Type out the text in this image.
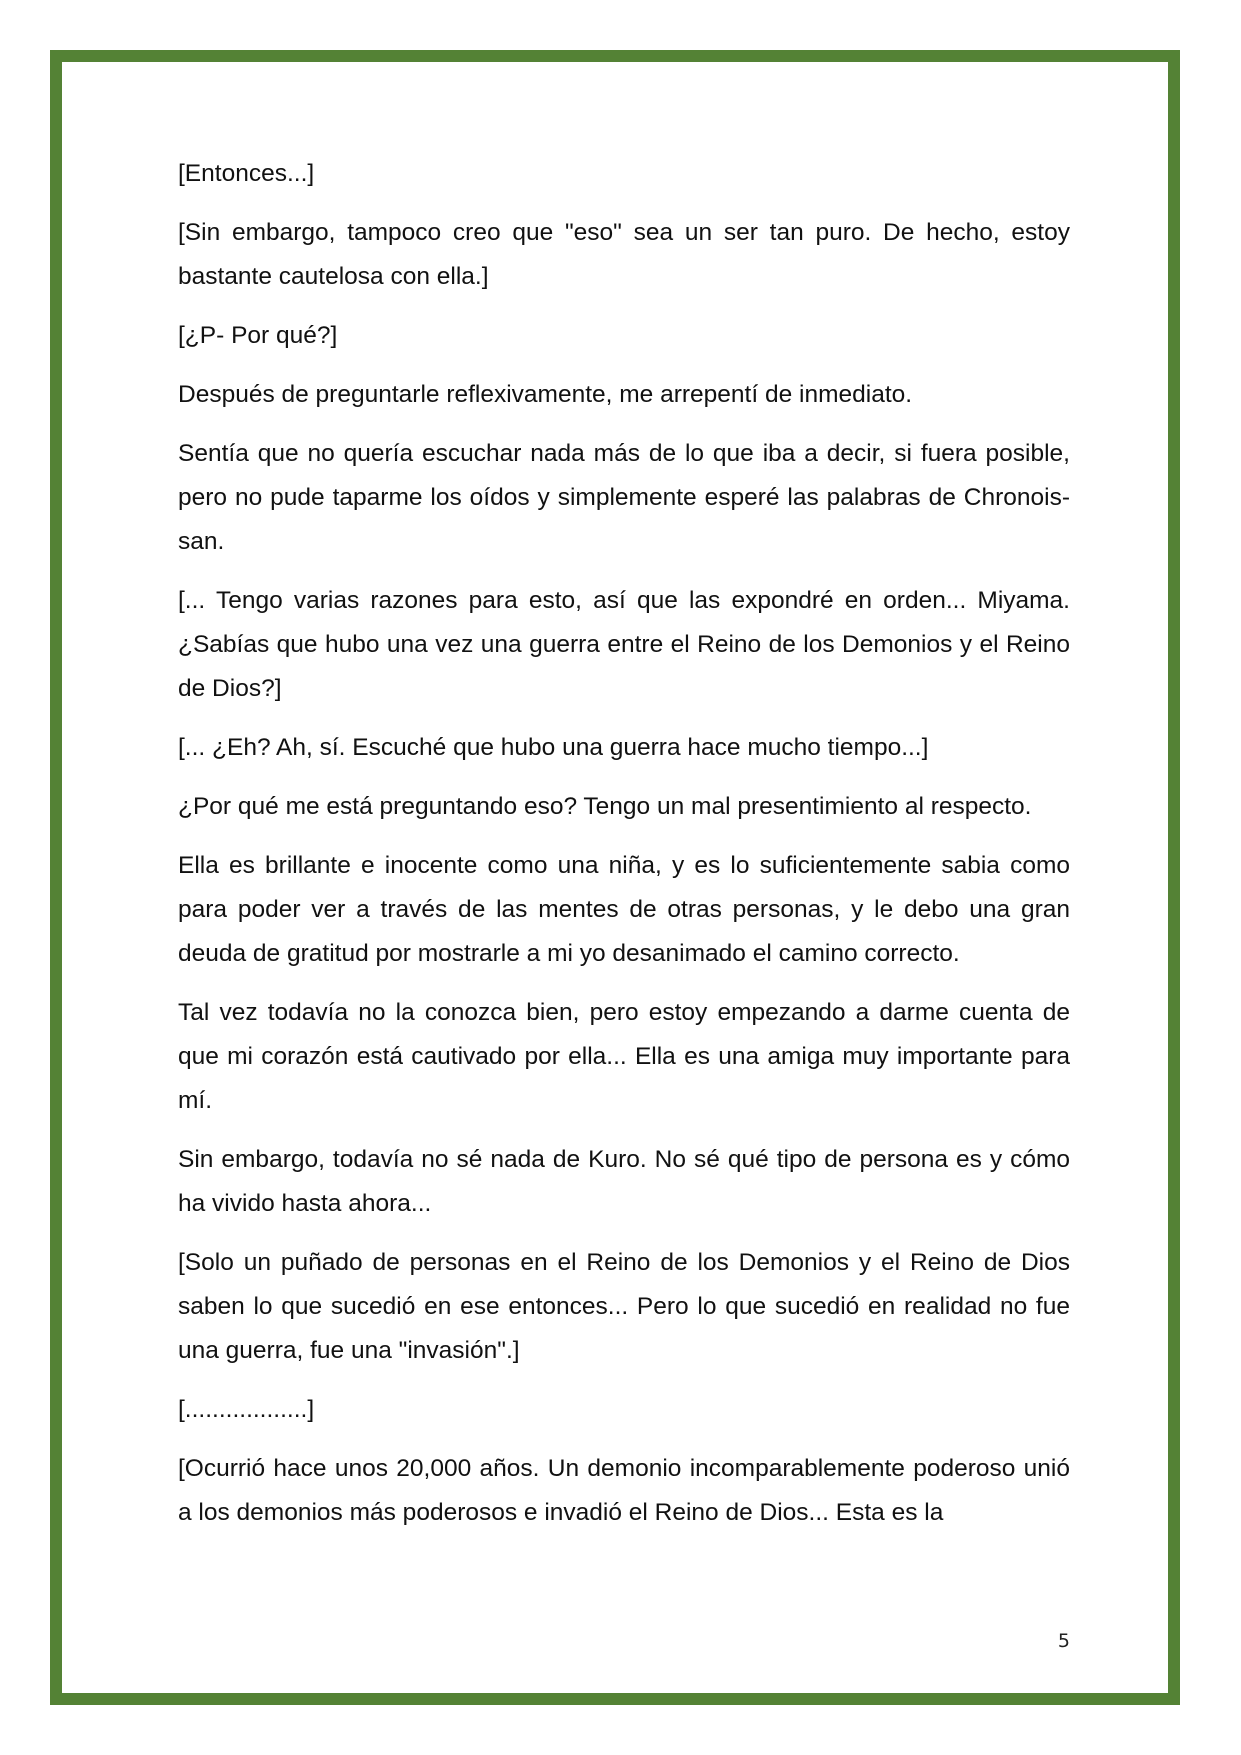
[Entonces...]

[Sin embargo, tampoco creo que "eso" sea un ser tan puro. De hecho, estoy bastante cautelosa con ella.]

[¿P- Por qué?]

Después de preguntarle reflexivamente, me arrepentí de inmediato.

Sentía que no quería escuchar nada más de lo que iba a decir, si fuera posible, pero no pude taparme los oídos y simplemente esperé las palabras de Chronois-san.

[... Tengo varias razones para esto, así que las expondré en orden... Miyama. ¿Sabías que hubo una vez una guerra entre el Reino de los Demonios y el Reino de Dios?]

[... ¿Eh? Ah, sí. Escuché que hubo una guerra hace mucho tiempo...]

¿Por qué me está preguntando eso? Tengo un mal presentimiento al respecto.

Ella es brillante e inocente como una niña, y es lo suficientemente sabia como para poder ver a través de las mentes de otras personas, y le debo una gran deuda de gratitud por mostrarle a mi yo desanimado el camino correcto.

Tal vez todavía no la conozca bien, pero estoy empezando a darme cuenta de que mi corazón está cautivado por ella... Ella es una amiga muy importante para mí.

Sin embargo, todavía no sé nada de Kuro. No sé qué tipo de persona es y cómo ha vivido hasta ahora...

[Solo un puñado de personas en el Reino de los Demonios y el Reino de Dios saben lo que sucedió en ese entonces... Pero lo que sucedió en realidad no fue una guerra, fue una "invasión".]

[..................]

[Ocurrió hace unos 20,000 años. Un demonio incomparablemente poderoso unió a los demonios más poderosos e invadió el Reino de Dios... Esta es la

5
